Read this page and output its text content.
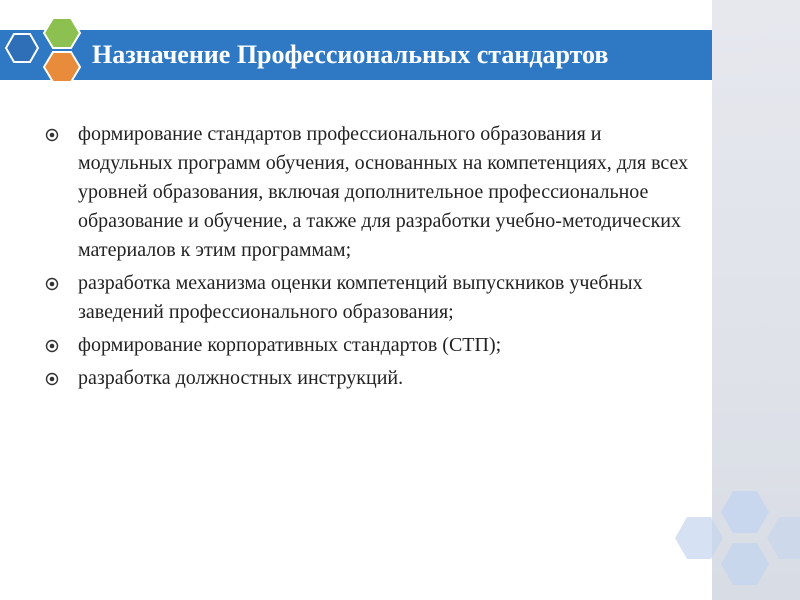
Назначение Профессиональных стандартов
формирование стандартов профессионального образования и модульных программ обучения, основанных на компетенциях, для всех уровней образования, включая дополнительное профессиональное образование и обучение, а также для разработки учебно-методических материалов к этим программам;
разработка механизма оценки компетенций выпускников учебных заведений профессионального образования;
формирование корпоративных стандартов (СТП);
разработка должностных инструкций.
